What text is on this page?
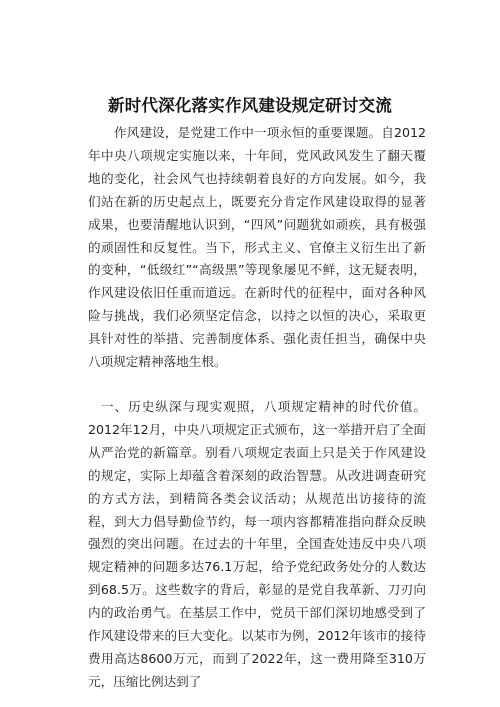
新时代深化落实作风建设规定研讨交流

作风建设，是党建工作中一项永恒的重要课题。自2012年中央八项规定实施以来，十年间，党风政风发生了翻天覆地的变化，社会风气也持续朝着良好的方向发展。如今，我们站在新的历史起点上，既要充分肯定作风建设取得的显著成果，也要清醒地认识到，“四风”问题犹如顽疾，具有极强的顽固性和反复性。当下，形式主义、官僚主义衍生出了新的变种，“低级红”“高级黑”等现象屡见不鲜，这无疑表明，作风建设依旧任重而道远。在新时代的征程中，面对各种风险与挑战，我们必须坚定信念，以持之以恒的决心，采取更具针对性的举措、完善制度体系、强化责任担当，确保中央八项规定精神落地生根。

一、历史纵深与现实观照，八项规定精神的时代价值。2012年12月，中央八项规定正式颁布，这一举措开启了全面从严治党的新篇章。别看八项规定表面上只是关于作风建设的规定，实际上却蕴含着深刻的政治智慧。从改进调查研究的方式方法，到精简各类会议活动；从规范出访接待的流程，到大力倡导勤俭节约，每一项内容都精准指向群众反映强烈的突出问题。在过去的十年里，全国查处违反中央八项规定精神的问题多达76.1万起，给予党纪政务处分的人数达到68.5万。这些数字的背后，彰显的是党自我革新、刀刃向内的政治勇气。在基层工作中，党员干部们深切地感受到了作风建设带来的巨大变化。以某市为例，2012年该市的接待费用高达8600万元，而到了2022年，这一费用降至310万元，压缩比例达到了
